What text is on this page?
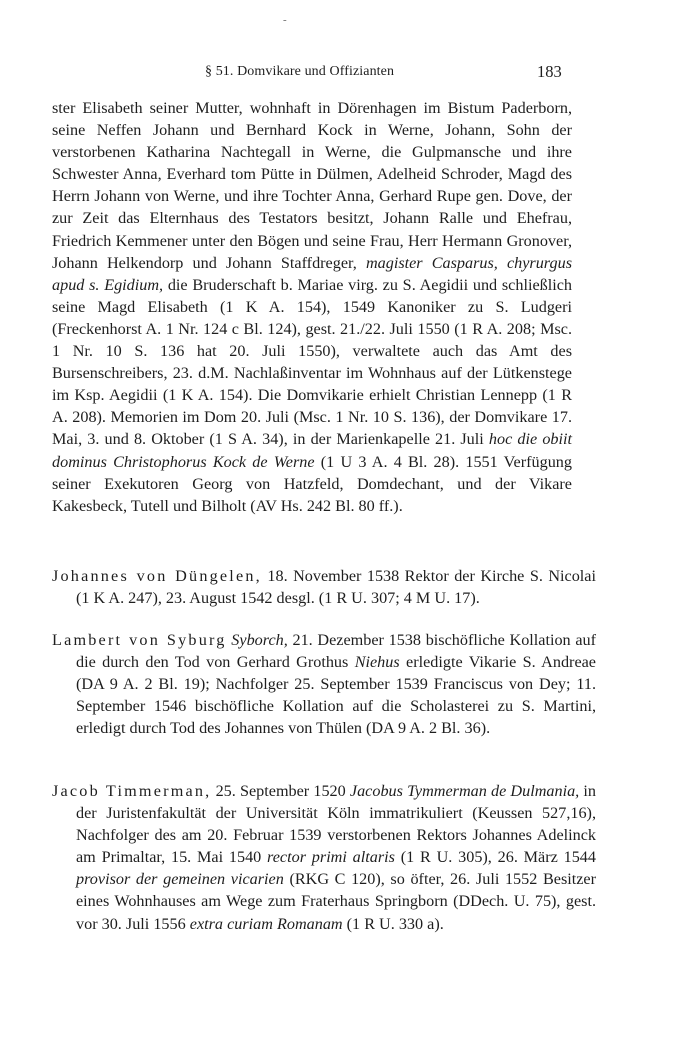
-
§ 51. Domvikare und Offizianten	183

ster Elisabeth seiner Mutter, wohnhaft in Dörenhagen im Bistum Paderborn, seine Neffen Johann und Bernhard Kock in Werne, Johann, Sohn der verstorbenen Katharina Nachtegall in Werne, die Gulpmansche und ihre Schwester Anna, Everhard tom Pütte in Dülmen, Adelheid Schroder, Magd des Herrn Johann von Werne, und ihre Tochter Anna, Gerhard Rupe gen. Dove, der zur Zeit das Elternhaus des Testators besitzt, Johann Ralle und Ehefrau, Friedrich Kemmener unter den Bögen und seine Frau, Herr Hermann Gronover, Johann Helkendorp und Johann Staffdreger, magister Casparus, chyrurgus apud s. Egidium, die Bruderschaft b. Mariae virg. zu S. Aegidii und schließlich seine Magd Elisabeth (1 K A. 154), 1549 Kanoniker zu S. Ludgeri (Freckenhorst A. 1 Nr. 124 c Bl. 124), gest. 21./22. Juli 1550 (1 R A. 208; Msc. 1 Nr. 10 S. 136 hat 20. Juli 1550), verwaltete auch das Amt des Bursenschreibers, 23. d.M. Nachlaßinventar im Wohnhaus auf der Lütkenstege im Ksp. Aegidii (1 K A. 154). Die Domvikarie erhielt Christian Lennepp (1 R A. 208). Memorien im Dom 20. Juli (Msc. 1 Nr. 10 S. 136), der Domvikare 17. Mai, 3. und 8. Oktober (1 S A. 34), in der Marienkapelle 21. Juli hoc die obiit dominus Christophorus Kock de Werne (1 U 3 A. 4 Bl. 28). 1551 Verfügung seiner Exekutoren Georg von Hatzfeld, Domdechant, und der Vikare Kakesbeck, Tutell und Bilholt (AV Hs. 242 Bl. 80 ff.).

Johannes von Düngelen, 18. November 1538 Rektor der Kirche S. Nicolai (1 K A. 247), 23. August 1542 desgl. (1 R U. 307; 4 M U. 17).

Lambert von Syburg Syborch, 21. Dezember 1538 bischöfliche Kollation auf die durch den Tod von Gerhard Grothus Niehus erledigte Vikarie S. Andreae (DA 9 A. 2 Bl. 19); Nachfolger 25. September 1539 Franciscus von Dey; 11. September 1546 bischöfliche Kollation auf die Scholasterei zu S. Martini, erledigt durch Tod des Johannes von Thülen (DA 9 A. 2 Bl. 36).

Jacob Timmerman, 25. September 1520 Jacobus Tymmerman de Dulmania, in der Juristenfakultät der Universität Köln immatrikuliert (Keussen 527,16), Nachfolger des am 20. Februar 1539 verstorbenen Rektors Johannes Adelinck am Primaltar, 15. Mai 1540 rector primi altaris (1 R U. 305), 26. März 1544 provisor der gemeinen vicarien (RKG C 120), so öfter, 26. Juli 1552 Besitzer eines Wohnhauses am Wege zum Fraterhaus Springborn (DDech. U. 75), gest. vor 30. Juli 1556 extra curiam Romanam (1 R U. 330 a).
